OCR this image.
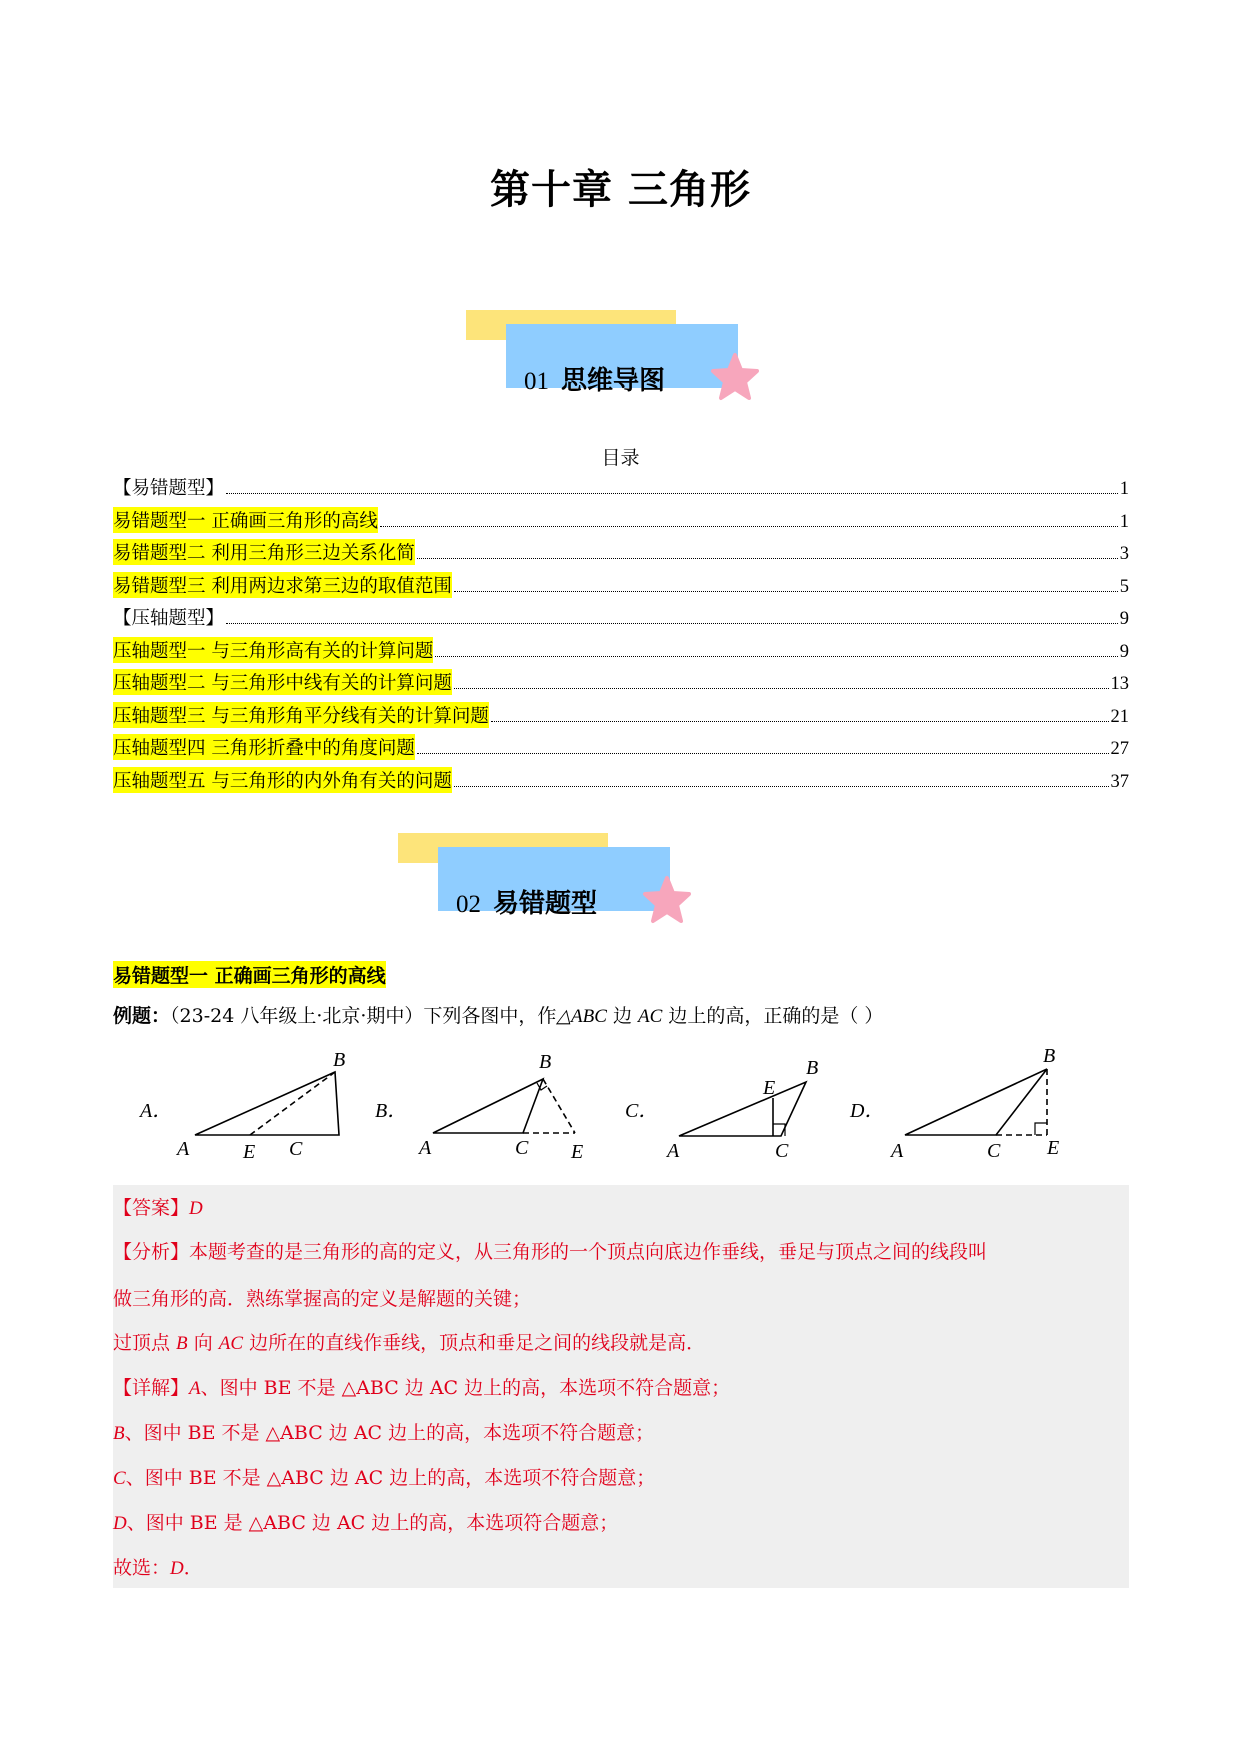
第十章 三角形
01 思维导图
目录
【易错题型】	1
易错题型一 正确画三角形的高线	1
易错题型二 利用三角形三边关系化简	3
易错题型三 利用两边求第三边的取值范围	5
【压轴题型】	9
压轴题型一 与三角形高有关的计算问题	9
压轴题型二 与三角形中线有关的计算问题	13
压轴题型三 与三角形角平分线有关的计算问题	21
压轴题型四 三角形折叠中的角度问题	27
压轴题型五 与三角形的内外角有关的问题	37
02 易错题型
易错题型一 正确画三角形的高线
例题：（23-24 八年级上·北京·期中）下列各图中，作△ABC 边 AC 边上的高，正确的是（ ）
A．
A	E C
B
B．
A	C E
B
C．
A	C
E
B
D．
A	C E
B
【答案】D
【分析】本题考查的是三角形的高的定义，从三角形的一个顶点向底边作垂线，垂足与顶点之间的线段叫
做三角形的高．熟练掌握高的定义是解题的关键；
过顶点 B 向 AC 边所在的直线作垂线，顶点和垂足之间的线段就是高．
【详解】A、图中 BE 不是 △ABC 边 AC 边上的高，本选项不符合题意；
B、图中 BE 不是 △ABC 边 AC 边上的高，本选项不符合题意；
C、图中 BE 不是 △ABC 边 AC 边上的高，本选项不符合题意；
D、图中 BE 是 △ABC 边 AC 边上的高，本选项符合题意；
故选：D．
